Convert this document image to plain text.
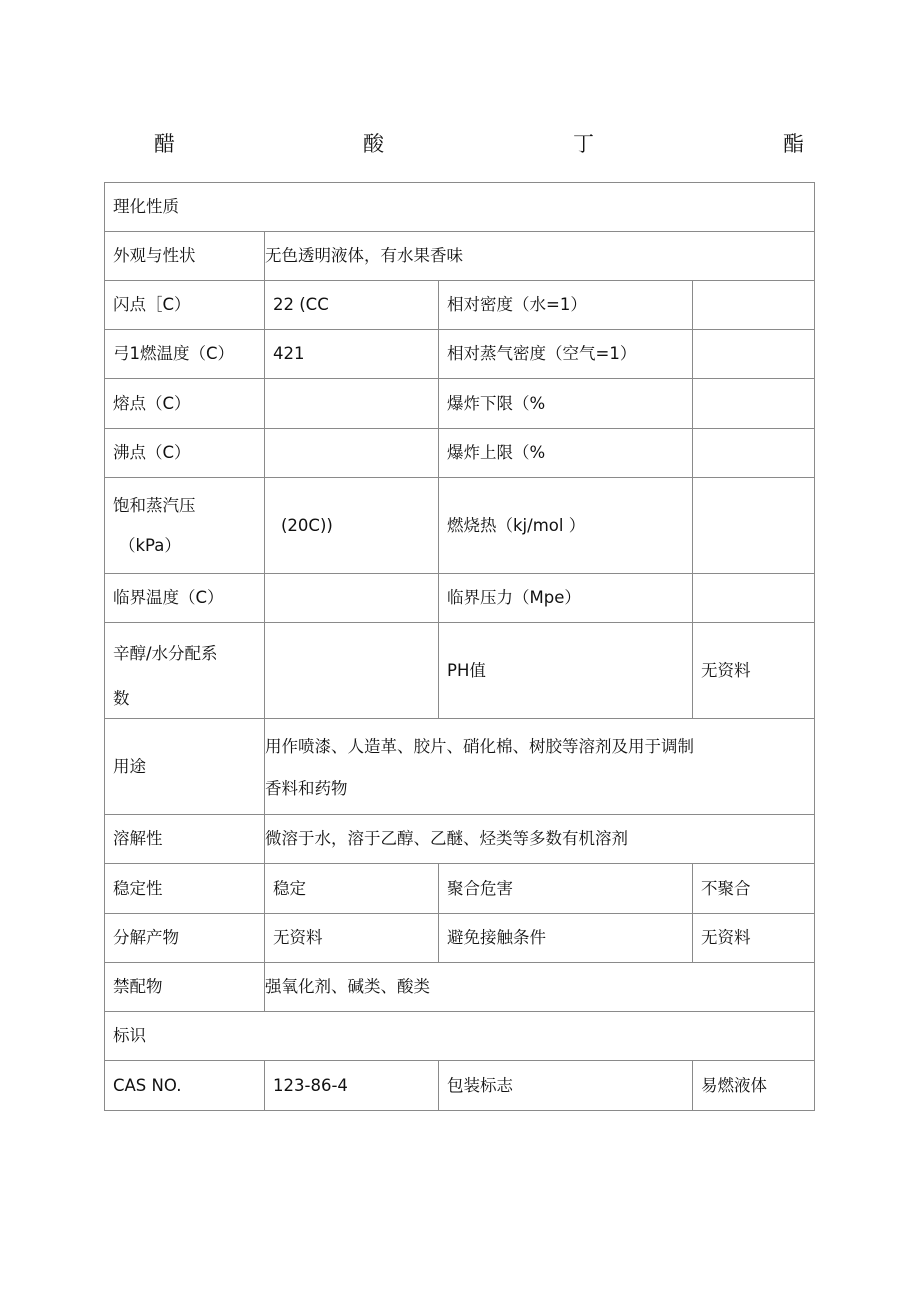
醋	酸	丁	酯
理化性质			
外观与性状	无色透明液体，有水果香味		
闪点［C）	22 (CC	相对密度（水=1）	
弓1燃温度（C）	421	相对蒸气密度（空气=1）	
熔点（C）		爆炸下限（%	
沸点（C）		爆炸上限（%	

饱和蒸汽压
（kPa）	(20C))	燃烧热（kj/mol ）	
临界温度（C）		临界压力（Mpe）	

辛醇/水分配系
数		PH值	无资料
用途	用作喷漆、人造革、胶片、硝化棉、树胶等溶剂及用于调制
香料和药物		

溶解性	微溶于水，溶于乙醇、乙醚、烃类等多数有机溶剂		
稳定性	稳定	聚合危害	不聚合
分解产物	无资料	避免接触条件	无资料
禁配物	强氧化剂、碱类、酸类		
标识			
CAS NO.	123-86-4	包装标志	易燃液体
